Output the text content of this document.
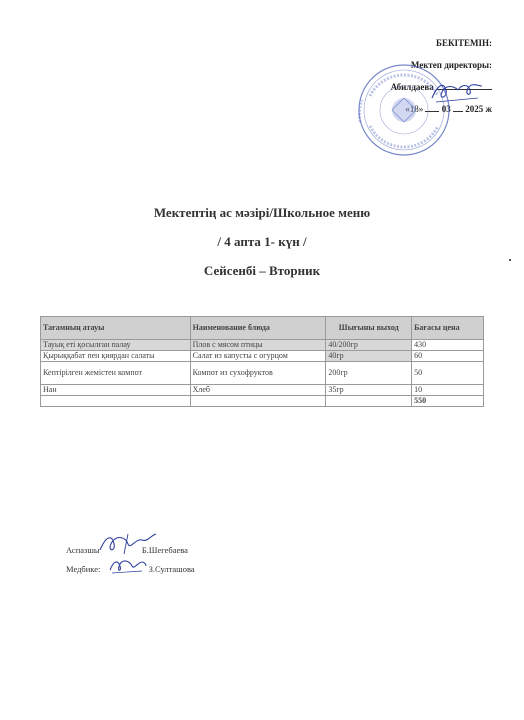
БЕКІТЕМІН:
Мектеп директоры:
Абилдаева
«18» 03 2025 ж
Мектептің ас мәзірі/Школьное меню
/ 4 апта 1- күн /
Сейсенбі – Вторник
Тағамның атауы	Наименование блюда	Шығыны выход	Бағасы цена
Тауық еті қосылған палау	Плов с мясом птицы	40/200гр	430
Қырыққабат пен қиярдан салаты	Салат из капусты с огурцом	40гр	60
Кептірілген жемістен компот	Компот из сухофруктов	200гр	50
Нан	Хлеб	35гр	10
			550
Аспазшы	Б.Шегебаева
Медбике:	З.Султашова
